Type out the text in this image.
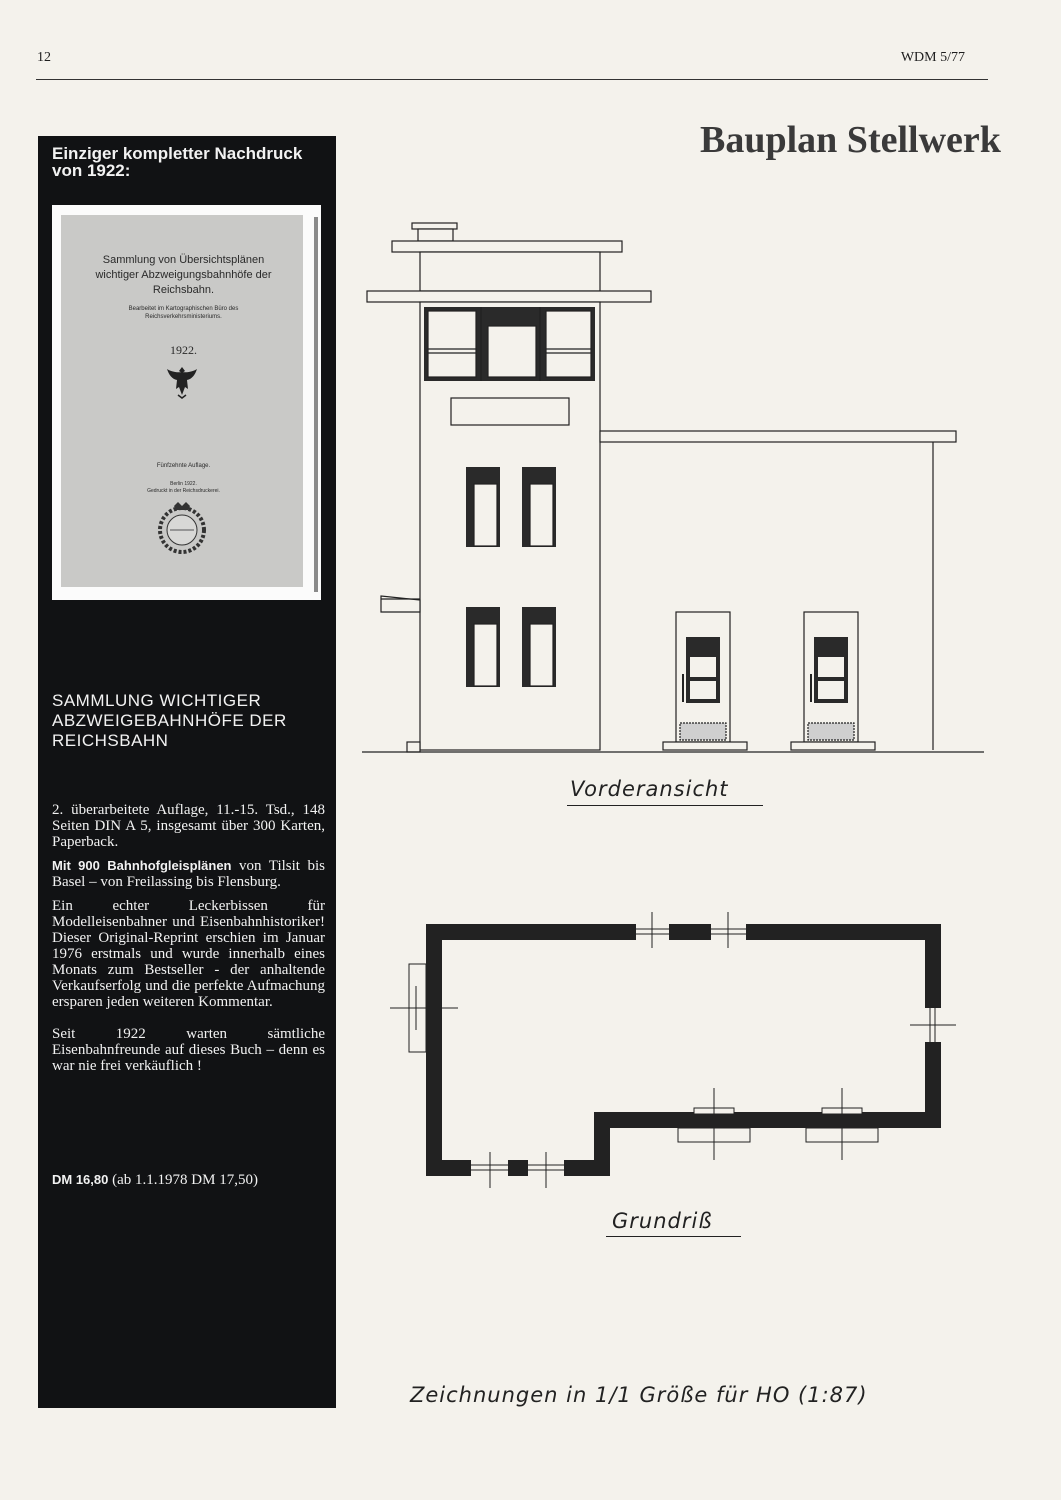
12	WDM 5/77
Einziger kompletter Nachdruck von 1922:
Sammlung von Übersichtsplänen wichtiger Abzweigungsbahnhöfe der Reichsbahn.
Bearbeitet im Kartographischen Büro des Reichsverkehrsministeriums.
1922.
Fünfzehnte Auflage.
Berlin 1922.
Gedruckt in der Reichsdruckerei.
SAMMLUNG WICHTIGER ABZWEIGEBAHNHÖFE DER REICHSBAHN

2. überarbeitete Auflage, 11.-15. Tsd., 148 Seiten DIN A 5, insgesamt über 300 Karten, Paperback.

Mit 900 Bahnhofgleisplänen von Tilsit bis Basel – von Freilassing bis Flensburg.

Ein echter Leckerbissen für Modelleisenbahner und Eisenbahnhistoriker! Dieser Original-Reprint erschien im Januar 1976 erstmals und wurde innerhalb eines Monats zum Bestseller - der anhaltende Verkaufserfolg und die perfekte Aufmachung ersparen jeden weiteren Kommentar.

Seit 1922 warten sämtliche Eisenbahnfreunde auf dieses Buch – denn es war nie frei verkäuflich !

DM 16,80 (ab 1.1.1978 DM 17,50)
Bauplan Stellwerk
Vorderansicht
Grundriß
Zeichnungen in 1/1 Größe für HO (1:87)
